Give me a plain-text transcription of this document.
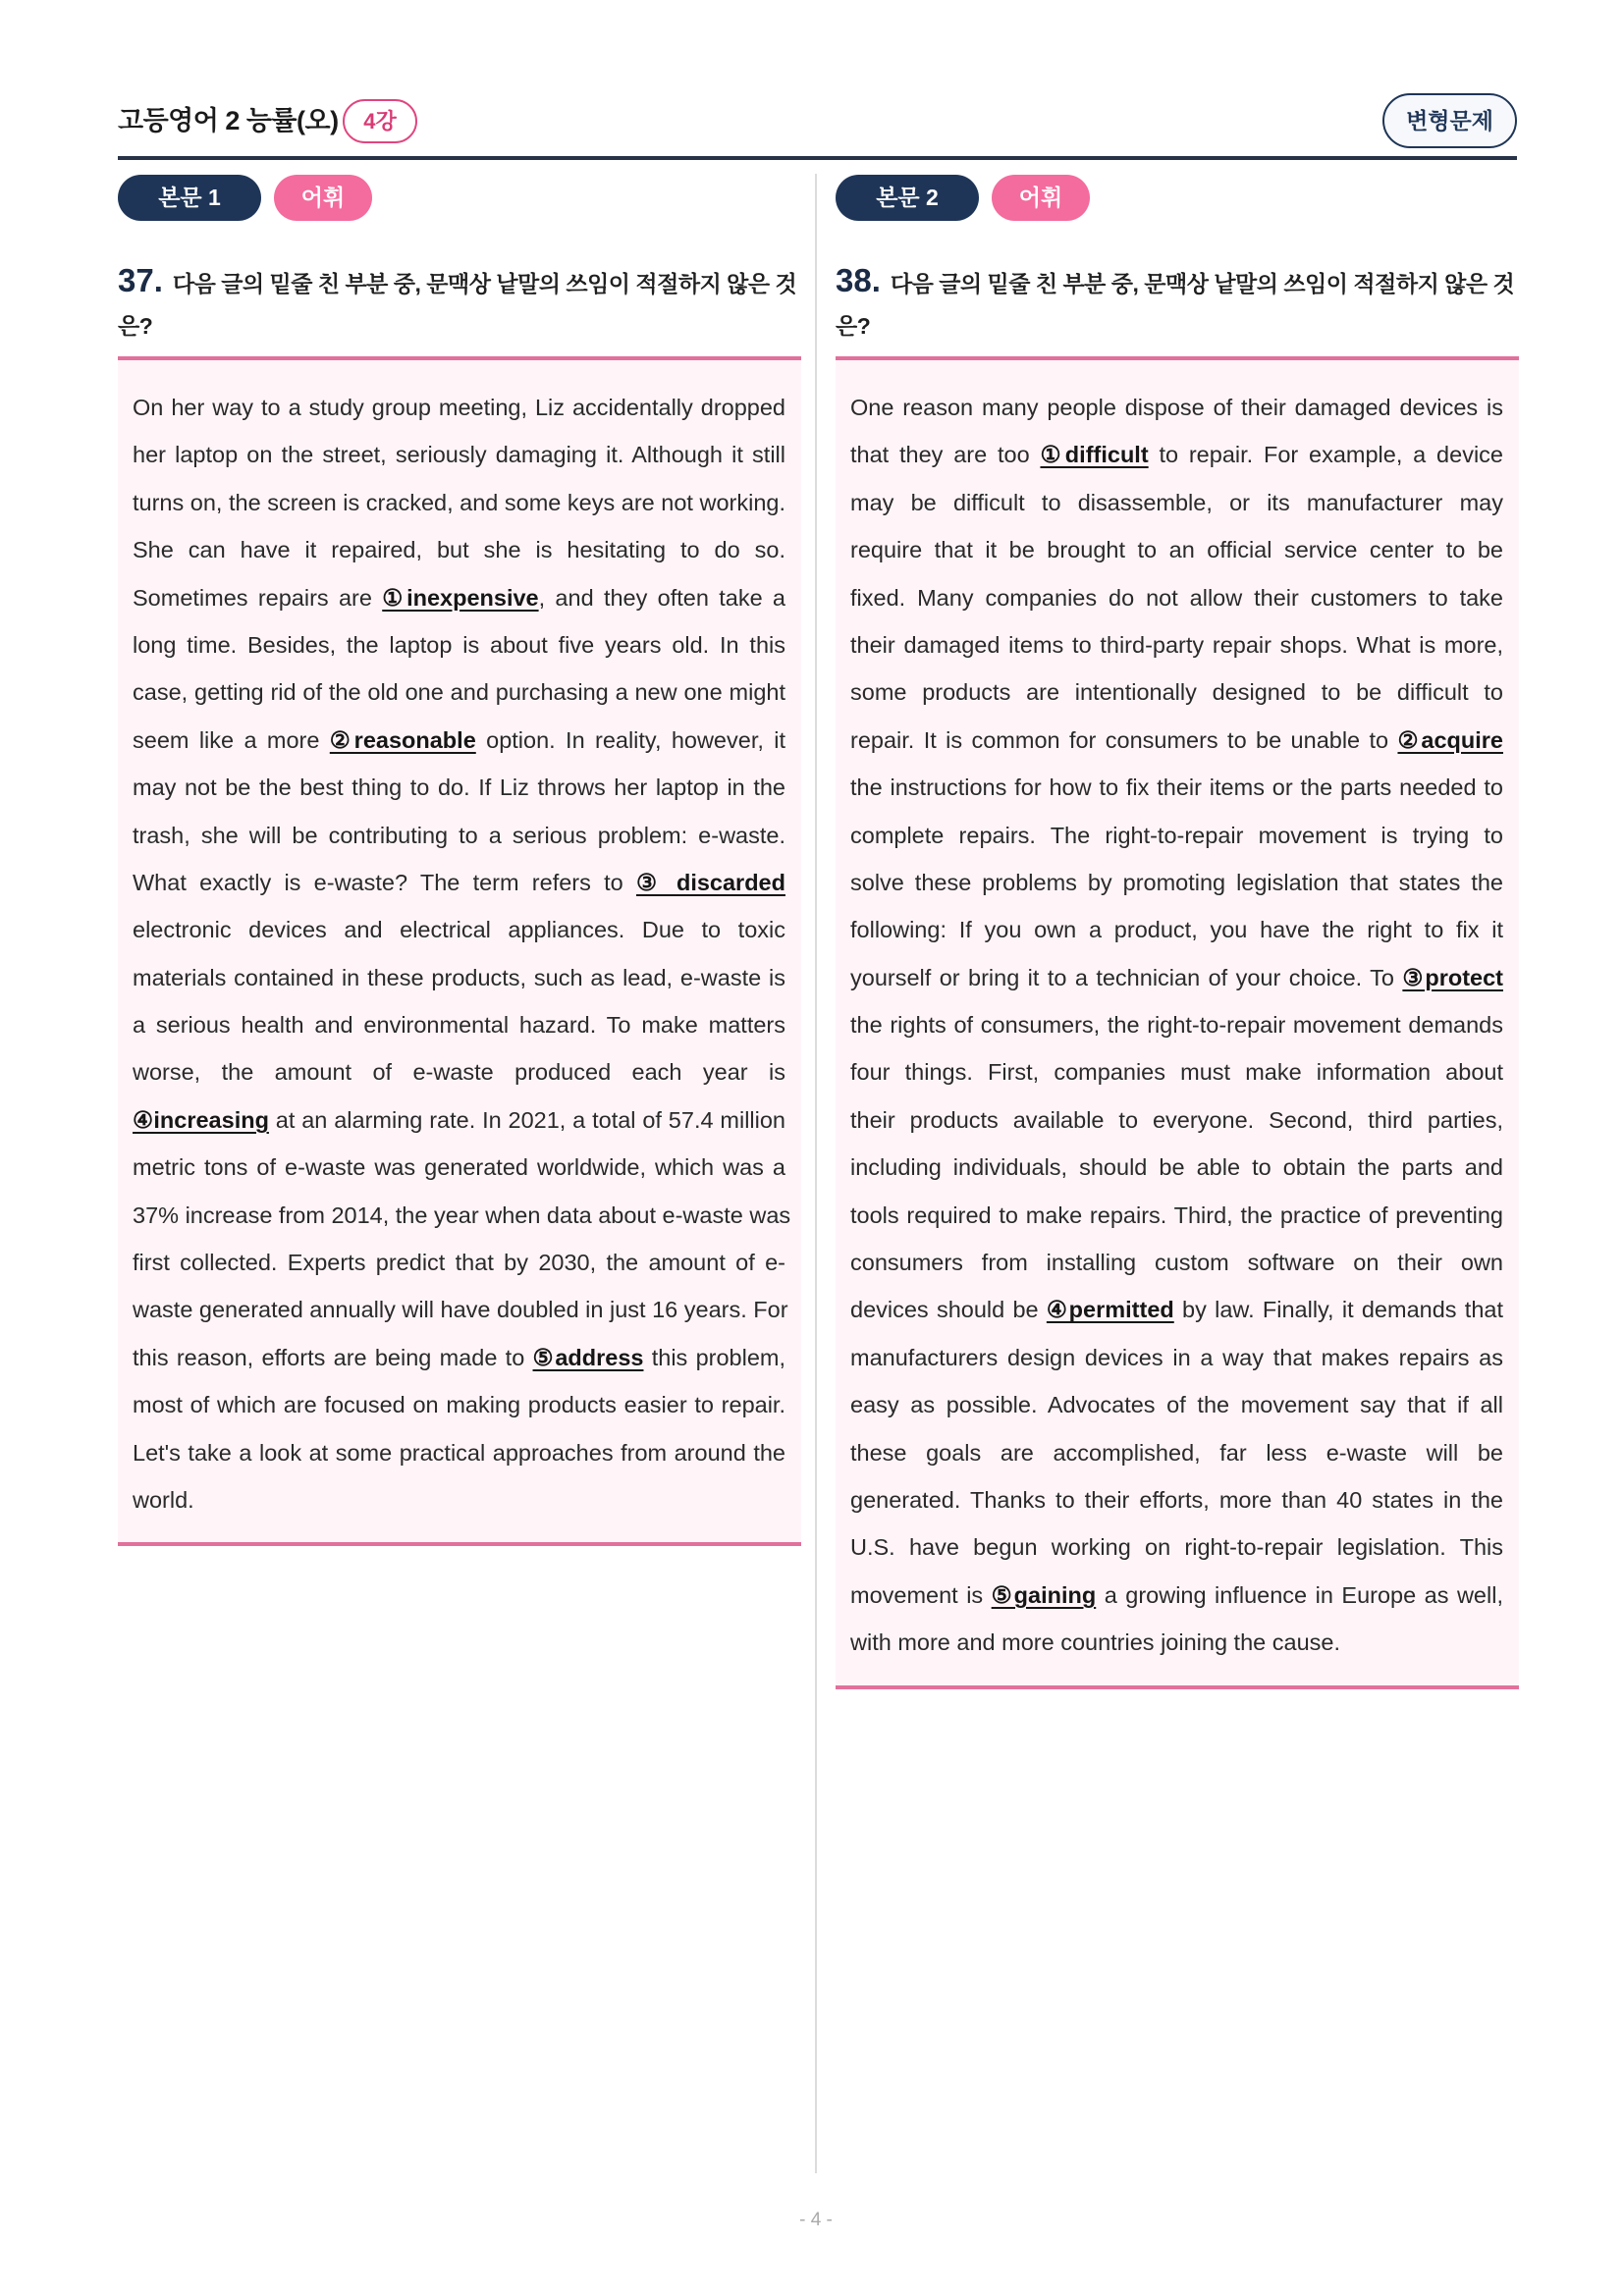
고등영어 2 능률(오)	4강	변형문제
본문 1	어휘

37. 다음 글의 밑줄 친 부분 중, 문맥상 낱말의 쓰임이 적절하지 않은 것은?

On her way to a study group meeting, Liz accidentally dropped
her laptop on the street, seriously damaging it. Although it still
turns on, the screen is cracked, and some keys are not working.
She can have it repaired, but she is hesitating to do so.
Sometimes repairs are ①inexpensive, and they often take a
long time. Besides, the laptop is about five years old. In this
case, getting rid of the old one and purchasing a new one might
seem like a more ②reasonable option. In reality, however, it
may not be the best thing to do. If Liz throws her laptop in the
trash, she will be contributing to a serious problem: e-waste.
What exactly is e-waste? The term refers to ③ discarded
electronic devices and electrical appliances. Due to toxic
materials contained in these products, such as lead, e-waste is
a serious health and environmental hazard. To make matters
worse, the amount of e-waste produced each year is
④increasing at an alarming rate. In 2021, a total of 57.4 million
metric tons of e-waste was generated worldwide, which was a
37% increase from 2014, the year when data about e-waste was
first collected. Experts predict that by 2030, the amount of e-
waste generated annually will have doubled in just 16 years. For
this reason, efforts are being made to ⑤address this problem,
most of which are focused on making products easier to repair.
Let's take a look at some practical approaches from around the
world.
본문 2	어휘

38. 다음 글의 밑줄 친 부분 중, 문맥상 낱말의 쓰임이 적절하지 않은 것은?

One reason many people dispose of their damaged devices is
that they are too ①difficult to repair. For example, a device
may be difficult to disassemble, or its manufacturer may
require that it be brought to an official service center to be
fixed. Many companies do not allow their customers to take
their damaged items to third-party repair shops. What is more,
some products are intentionally designed to be difficult to
repair. It is common for consumers to be unable to ②acquire
the instructions for how to fix their items or the parts needed to
complete repairs. The right-to-repair movement is trying to
solve these problems by promoting legislation that states the
following: If you own a product, you have the right to fix it
yourself or bring it to a technician of your choice. To ③protect
the rights of consumers, the right-to-repair movement demands
four things. First, companies must make information about
their products available to everyone. Second, third parties,
including individuals, should be able to obtain the parts and
tools required to make repairs. Third, the practice of preventing
consumers from installing custom software on their own
devices should be ④permitted by law. Finally, it demands that
manufacturers design devices in a way that makes repairs as
easy as possible. Advocates of the movement say that if all
these goals are accomplished, far less e-waste will be
generated. Thanks to their efforts, more than 40 states in the
U.S. have begun working on right-to-repair legislation. This
movement is ⑤gaining a growing influence in Europe as well,
with more and more countries joining the cause.
- 4 -
